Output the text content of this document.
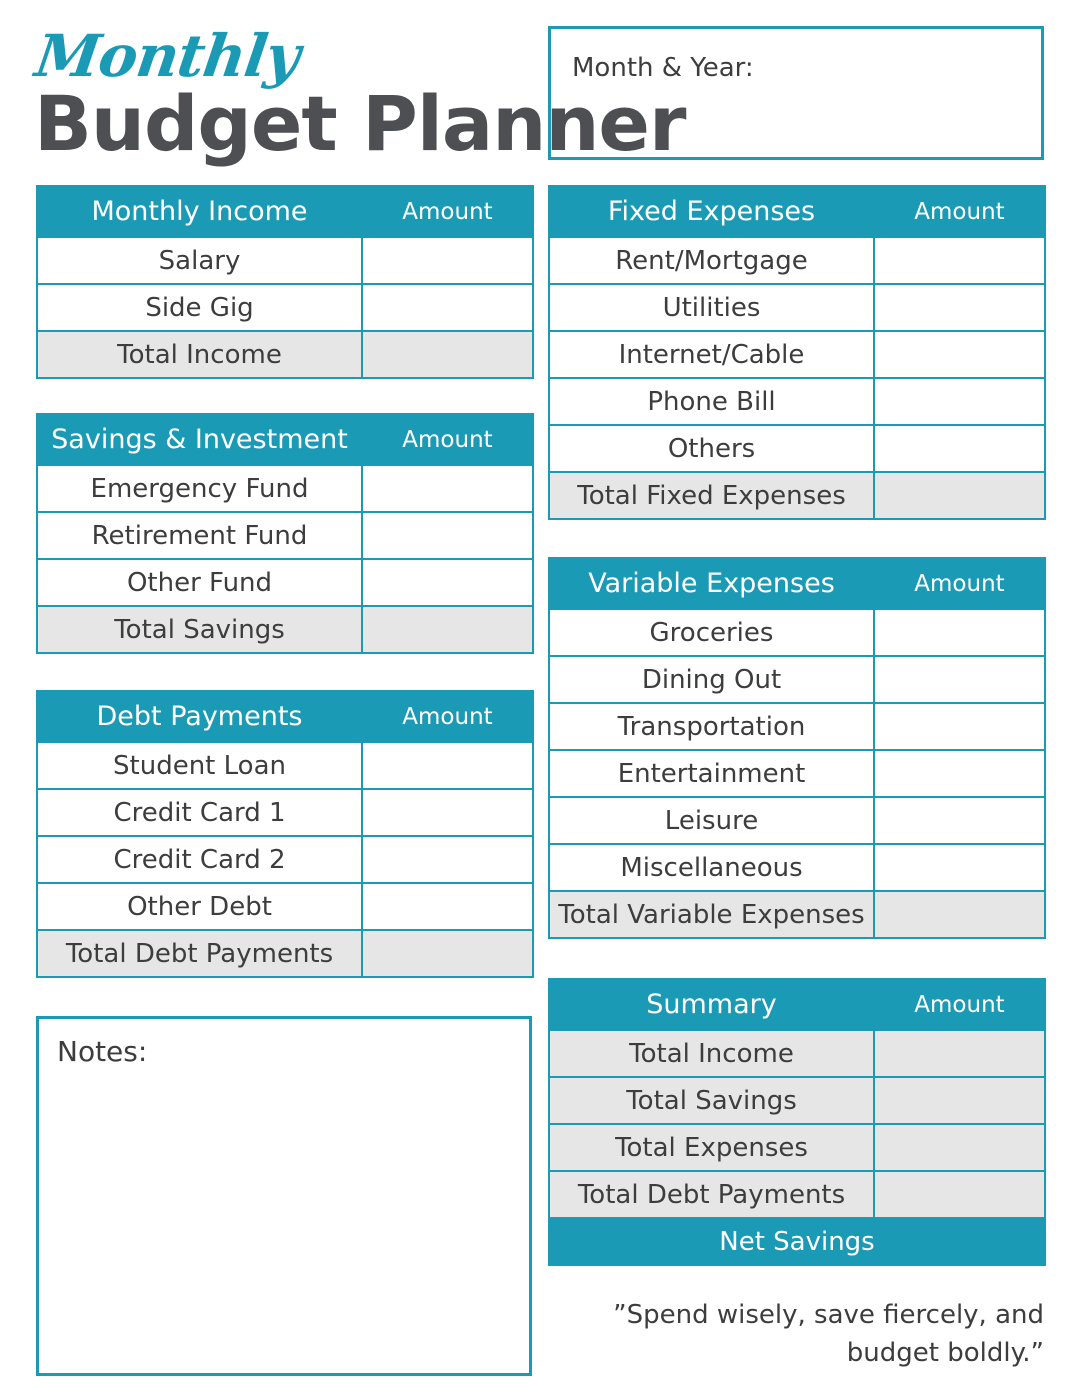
Monthly
Budget Planner
Month & Year:
Monthly Income	Amount
Salary	
Side Gig	
Total Income	
Savings & Investment	Amount
Emergency Fund	
Retirement Fund	
Other Fund	
Total Savings	
Debt Payments	Amount
Student Loan	
Credit Card 1	
Credit Card 2	
Other Debt	
Total Debt Payments	
Notes:
Fixed Expenses	Amount
Rent/Mortgage	
Utilities	
Internet/Cable	
Phone Bill	
Others	
Total Fixed Expenses	
Variable Expenses	Amount
Groceries	
Dining Out	
Transportation	
Entertainment	
Leisure	
Miscellaneous	
Total Variable Expenses	
Summary	Amount
Total Income	
Total Savings	
Total Expenses	
Total Debt Payments	
Net Savings	
”Spend wisely, save fiercely, and
budget boldly.”
